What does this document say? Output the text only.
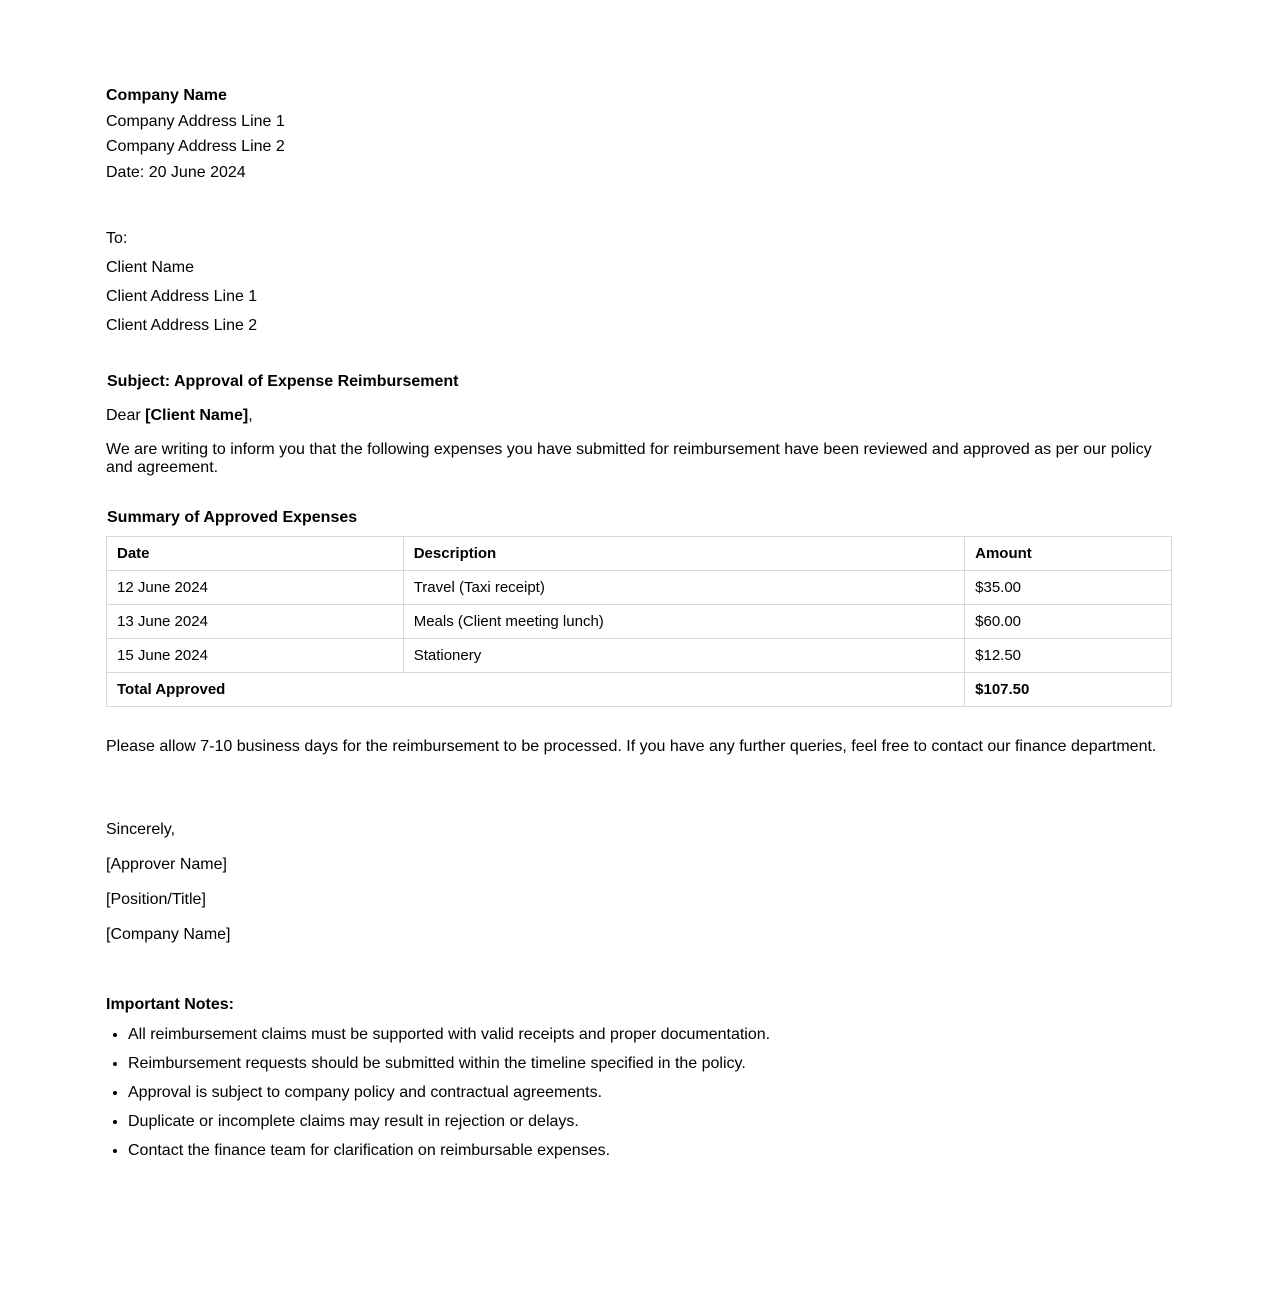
Company Name
Company Address Line 1
Company Address Line 2
Date: 20 June 2024
To:
Client Name
Client Address Line 1
Client Address Line 2
Subject: Approval of Expense Reimbursement
Dear [Client Name],
We are writing to inform you that the following expenses you have submitted for reimbursement have been reviewed and approved as per our policy and agreement.
Summary of Approved Expenses
Date	Description	Amount
12 June 2024	Travel (Taxi receipt)	$35.00
13 June 2024	Meals (Client meeting lunch)	$60.00
15 June 2024	Stationery	$12.50
Total Approved		$107.50
Please allow 7-10 business days for the reimbursement to be processed. If you have any further queries, feel free to contact our finance department.
Sincerely,
[Approver Name]
[Position/Title]
[Company Name]
Important Notes:
• All reimbursement claims must be supported with valid receipts and proper documentation.
• Reimbursement requests should be submitted within the timeline specified in the policy.
• Approval is subject to company policy and contractual agreements.
• Duplicate or incomplete claims may result in rejection or delays.
• Contact the finance team for clarification on reimbursable expenses.
